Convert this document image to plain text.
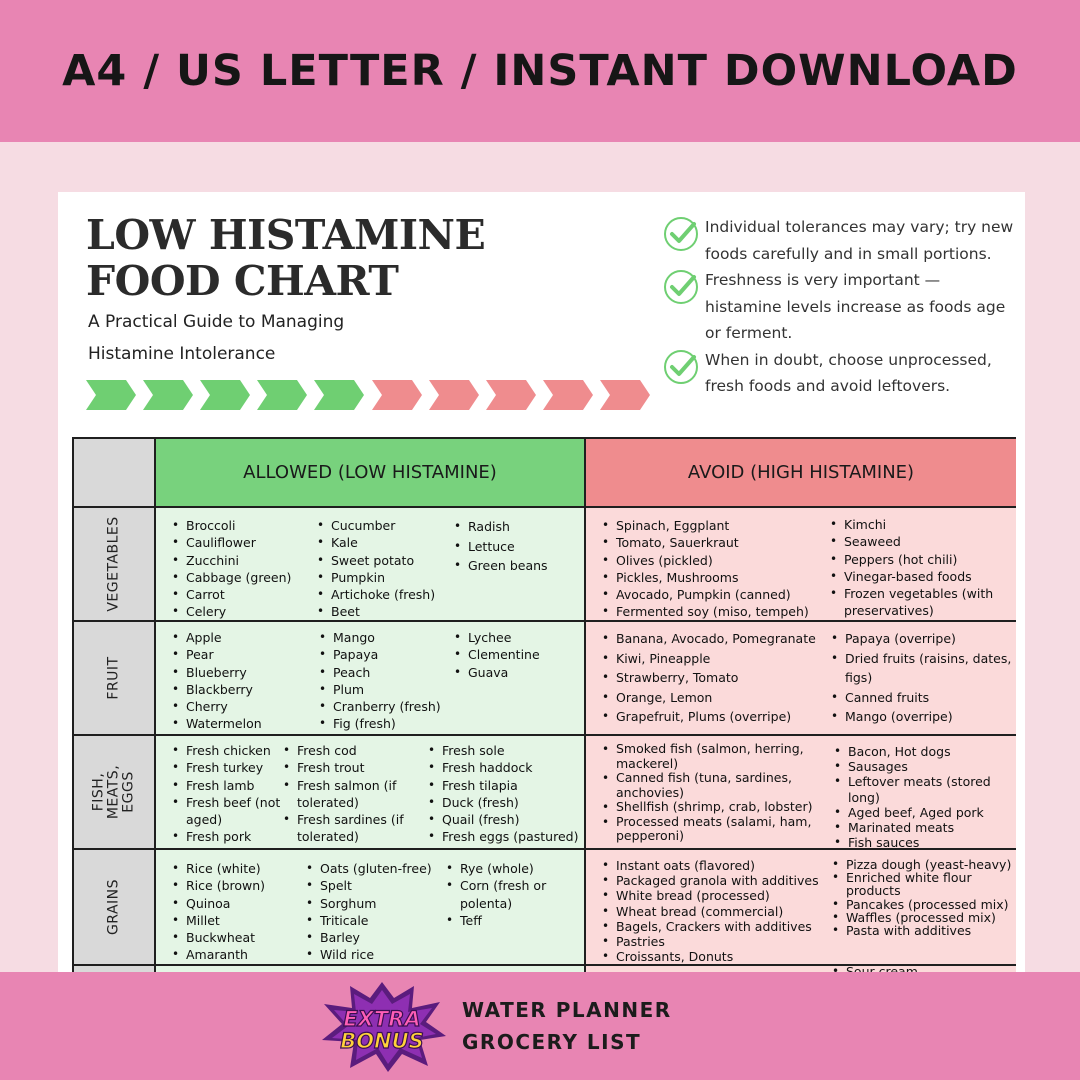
A4 / US LETTER / INSTANT DOWNLOAD
LOW HISTAMINE
FOOD CHART
A Practical Guide to Managing
Histamine Intolerance
Individual tolerances may vary; try new foods carefully and in small portions.
Freshness is very important — histamine levels increase as foods age or ferment.
When in doubt, choose unprocessed, fresh foods and avoid leftovers.
ALLOWED (LOW HISTAMINE)	AVOID (HIGH HISTAMINE)
VEGETABLES
•	Broccoli
• Cauliflower
• Zucchini
• Cabbage (green)
• Carrot
• Celery
• Cucumber
• Kale
• Sweet potato
• Pumpkin
• Artichoke (fresh)
• Beet
• Radish
• Lettuce
• Green beans
• Spinach, Eggplant
• Tomato, Sauerkraut
• Olives (pickled)
• Pickles, Mushrooms
• Avocado, Pumpkin (canned)
• Fermented soy (miso, tempeh)
• Kimchi
• Seaweed
• Peppers (hot chili)
• Vinegar-based foods
• Frozen vegetables (with preservatives)
FRUIT
• Apple
• Pear
• Blueberry
• Blackberry
• Cherry
• Watermelon
• Mango
• Papaya
• Peach
• Plum
• Cranberry (fresh)
• Fig (fresh)
• Lychee
• Clementine
• Guava
• Banana, Avocado, Pomegranate
• Kiwi, Pineapple
• Strawberry, Tomato
• Orange, Lemon
• Grapefruit, Plums (overripe)
• Papaya (overripe)
• Dried fruits (raisins, dates, figs)
• Canned fruits
• Mango (overripe)
FISH,
MEATS,
EGGS
• Fresh chicken
• Fresh turkey
• Fresh lamb
• Fresh beef (not aged)
• Fresh pork
• Fresh cod
• Fresh trout
• Fresh salmon (if tolerated)
• Fresh sardines (if tolerated)
• Fresh sole
• Fresh haddock
• Fresh tilapia
• Duck (fresh)
• Quail (fresh)
• Fresh eggs (pastured)
• Smoked fish (salmon, herring, mackerel)
• Canned fish (tuna, sardines, anchovies)
• Shellfish (shrimp, crab, lobster)
• Processed meats (salami, ham, pepperoni)
• Bacon, Hot dogs
• Sausages
• Leftover meats (stored long)
• Aged beef, Aged pork
• Marinated meats
• Fish sauces
GRAINS
• Rice (white)
• Rice (brown)
• Quinoa
• Millet
• Buckwheat
• Amaranth
• Oats (gluten-free)
• Spelt
• Sorghum
• Triticale
• Barley
• Wild rice
• Rye (whole)
• Corn (fresh or polenta)
• Teff
• Instant oats (flavored)
• Packaged granola with additives
• White bread (processed)
• Wheat bread (commercial)
• Bagels, Crackers with additives
• Pastries
• Croissants, Donuts
• Pizza dough (yeast-heavy)
• Enriched white flour products
• Pancakes (processed mix)
• Waffles (processed mix)
• Pasta with additives
•
EXTRA
BONUS
WATER PLANNER
GROCERY LIST
